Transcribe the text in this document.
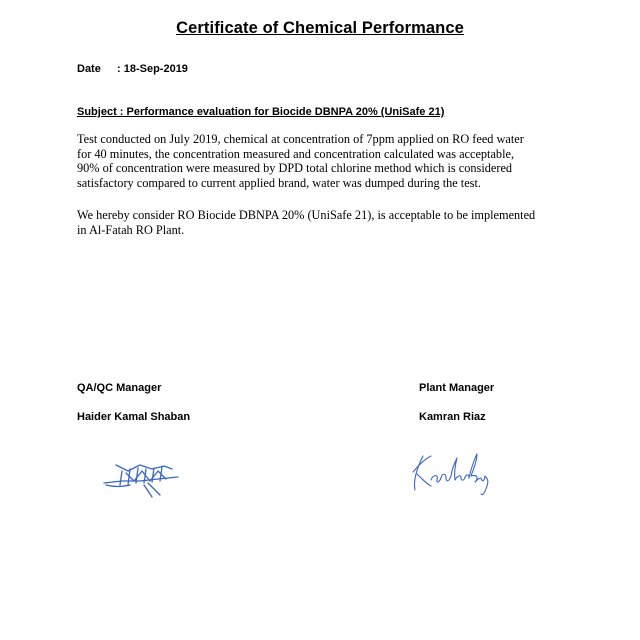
Certificate of Chemical Performance
Date	: 18-Sep-2019
Subject : Performance evaluation for Biocide DBNPA 20% (UniSafe 21)

Test conducted on July 2019, chemical at concentration of 7ppm applied on RO feed water
for 40 minutes, the concentration measured and concentration calculated was acceptable,
90% of concentration were measured by DPD total chlorine method which is considered
satisfactory compared to current applied brand, water was dumped during the test.

We hereby consider RO Biocide DBNPA 20% (UniSafe 21), is acceptable to be implemented
in Al-Fatah RO Plant.

QA/QC Manager
Haider Kamal Shaban
Plant Manager
Kamran Riaz
